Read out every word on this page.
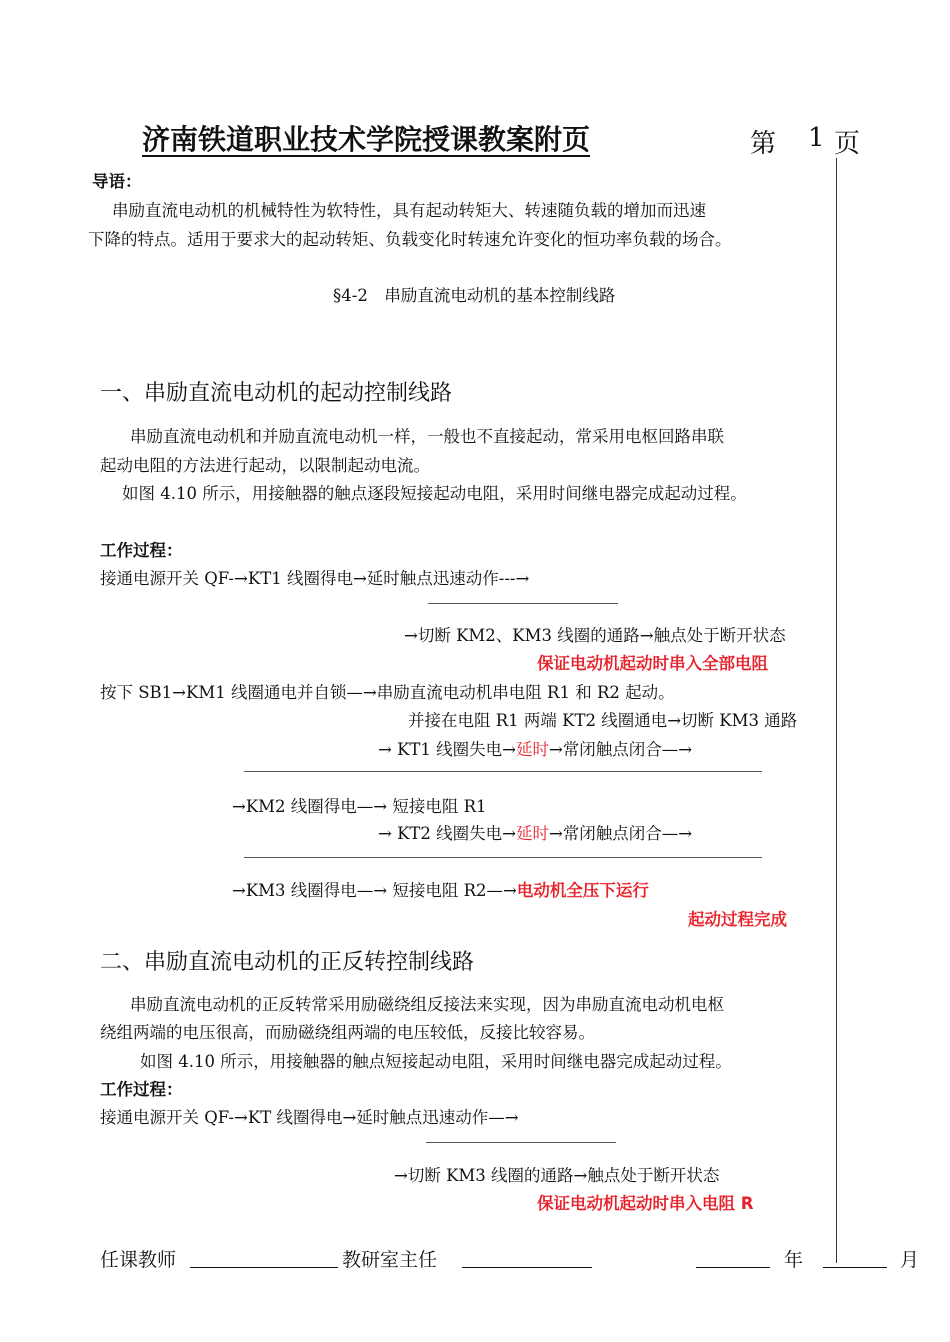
济南铁道职业技术学院授课教案附页	第 1 页
导语：
串励直流电动机的机械特性为软特性，具有起动转矩大、转速随负载的增加而迅速
下降的特点。适用于要求大的起动转矩、负载变化时转速允许变化的恒功率负载的场合。
§4-2　串励直流电动机的基本控制线路
一、串励直流电动机的起动控制线路
串励直流电动机和并励直流电动机一样，一般也不直接起动，常采用电枢回路串联
起动电阻的方法进行起动，以限制起动电流。
如图 4.10 所示，用接触器的触点逐段短接起动电阻，采用时间继电器完成起动过程。
工作过程：
接通电源开关 QF-→KT1 线圈得电→延时触点迅速动作---→
→切断 KM2、KM3 线圈的通路→触点处于断开状态
保证电动机起动时串入全部电阻
按下 SB1→KM1 线圈通电并自锁—→串励直流电动机串电阻 R1 和 R2 起动。
并接在电阻 R1 两端 KT2 线圈通电→切断 KM3 通路
→ KT1 线圈失电→延时→常闭触点闭合—→
→KM2 线圈得电—→ 短接电阻 R1
→ KT2 线圈失电→延时→常闭触点闭合—→
→KM3 线圈得电—→ 短接电阻 R2—→电动机全压下运行
起动过程完成
二、串励直流电动机的正反转控制线路
串励直流电动机的正反转常采用励磁绕组反接法来实现，因为串励直流电动机电枢
绕组两端的电压很高，而励磁绕组两端的电压较低，反接比较容易。
如图 4.10 所示，用接触器的触点短接起动电阻，采用时间继电器完成起动过程。
工作过程：
接通电源开关 QF-→KT 线圈得电→延时触点迅速动作—→
→切断 KM3 线圈的通路→触点处于断开状态
保证电动机起动时串入电阻 R
任课教师	教研室主任	年	月
